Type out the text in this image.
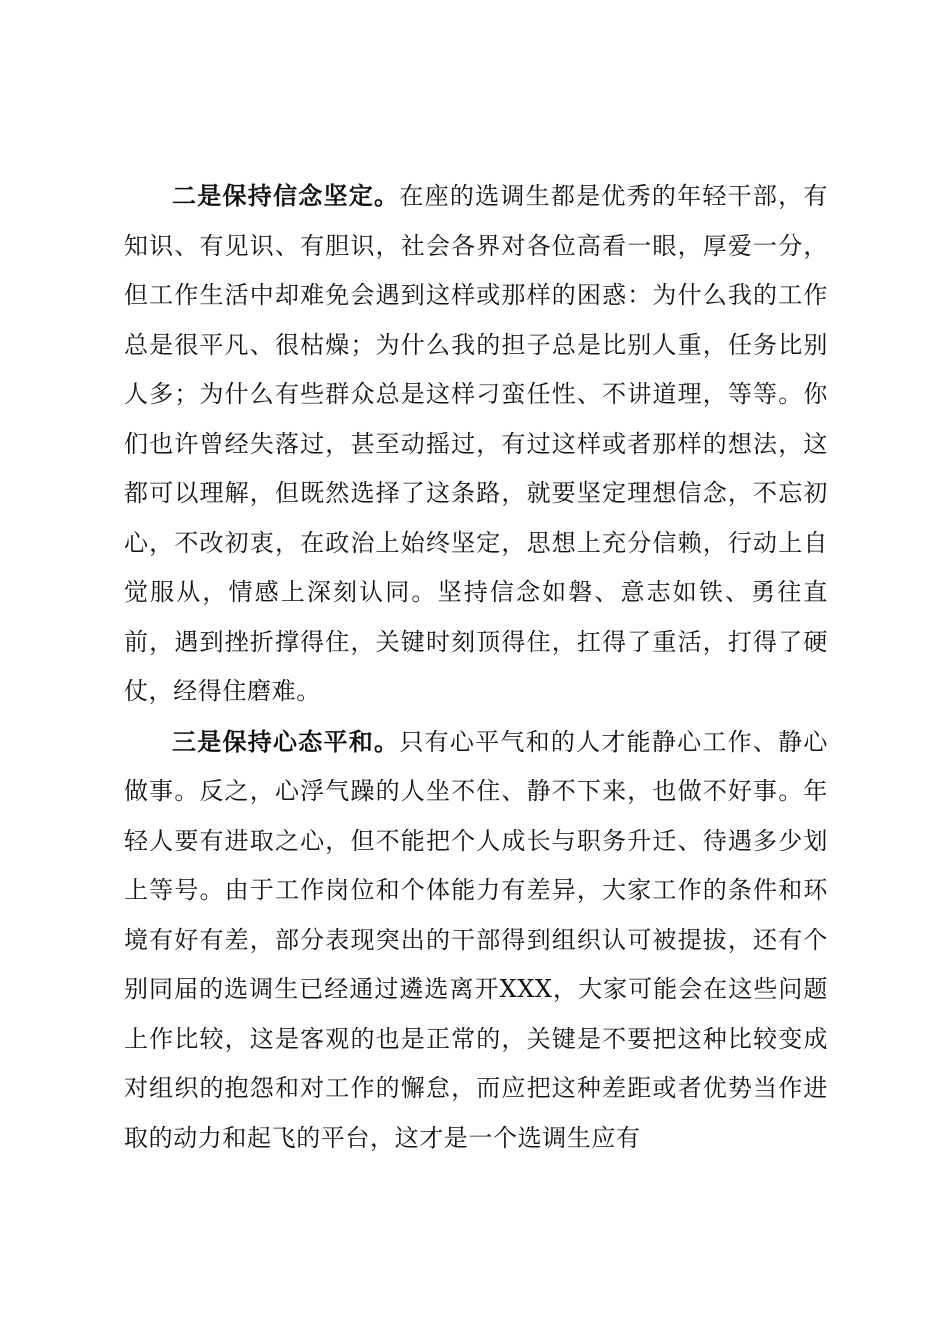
二是保持信念坚定。在座的选调生都是优秀的年轻干部，有知识、有见识、有胆识，社会各界对各位高看一眼，厚爱一分，但工作生活中却难免会遇到这样或那样的困惑：为什么我的工作总是很平凡、很枯燥；为什么我的担子总是比别人重，任务比别人多；为什么有些群众总是这样刁蛮任性、不讲道理，等等。你们也许曾经失落过，甚至动摇过，有过这样或者那样的想法，这都可以理解，但既然选择了这条路，就要坚定理想信念，不忘初心，不改初衷，在政治上始终坚定，思想上充分信赖，行动上自觉服从，情感上深刻认同。坚持信念如磐、意志如铁、勇往直前，遇到挫折撑得住，关键时刻顶得住，扛得了重活，打得了硬仗，经得住磨难。

三是保持心态平和。只有心平气和的人才能静心工作、静心做事。反之，心浮气躁的人坐不住、静不下来，也做不好事。年轻人要有进取之心，但不能把个人成长与职务升迁、待遇多少划上等号。由于工作岗位和个体能力有差异，大家工作的条件和环境有好有差，部分表现突出的干部得到组织认可被提拔，还有个别同届的选调生已经通过遴选离开XXX，大家可能会在这些问题上作比较，这是客观的也是正常的，关键是不要把这种比较变成对组织的抱怨和对工作的懈怠，而应把这种差距或者优势当作进取的动力和起飞的平台，这才是一个选调生应有
